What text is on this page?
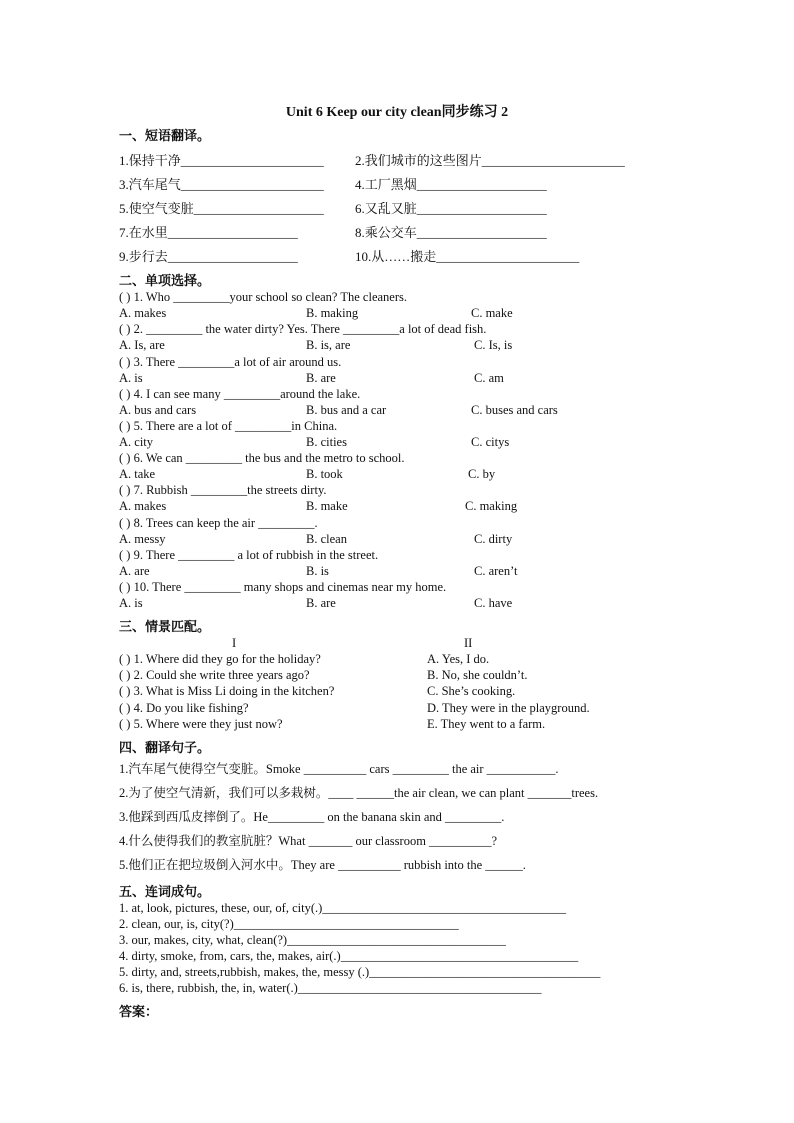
Unit 6 Keep our city clean同步练习 2
一、短语翻译。
1.保持干净______________________ 2.我们城市的这些图片______________________
3.汽车尾气______________________ 4.工厂黑烟____________________
5.使空气变脏____________________ 6.又乱又脏____________________
7.在水里____________________	8.乘公交车____________________
9.步行去____________________	10.从……搬走______________________
二、单项选择。
( ) 1. Who _________your school so clean? The cleaners.
A. makes	B. making	C. make
( ) 2. _________ the water dirty? Yes. There _________a lot of dead fish.
A. Is, are	B. is, are	C. Is, is
( ) 3. There _________a lot of air around us.
A. is	B. are	C. am
( ) 4. I can see many _________around the lake.
A. bus and cars	B. bus and a car	C. buses and cars
( ) 5. There are a lot of _________in China.
A. city	B. cities	C. citys
( ) 6. We can _________ the bus and the metro to school.
A. take	B. took	C. by
( ) 7. Rubbish _________the streets dirty.
A. makes	B. make	C. making
( ) 8. Trees can keep the air _________.
A. messy	B. clean	C. dirty
( ) 9. There _________ a lot of rubbish in the street.
A. are	B. is	C. aren’t
( ) 10. There _________ many shops and cinemas near my home.
A. is	B. are	C. have
三、情景匹配。
I	II
( ) 1. Where did they go for the holiday?	A. Yes, I do.
( ) 2. Could she write three years ago?	B. No, she couldn’t.
( ) 3. What is Miss Li doing in the kitchen?	C. She’s cooking.
( ) 4. Do you like fishing?	D. They were in the playground.
( ) 5. Where were they just now?	E. They went to a farm.
四、翻译句子。
1.汽车尾气使得空气变脏。Smoke __________ cars _________ the air ___________.
2.为了使空气清新，我们可以多栽树。____ ______the air clean, we can plant _______trees.
3.他踩到西瓜皮摔倒了。He_________ on the banana skin and _________.
4.什么使得我们的教室肮脏？What _______ our classroom __________?
5.他们正在把垃圾倒入河水中。They are __________ rubbish into the ______.
五、连词成句。
1. at, look, pictures, these, our, of, city(.)_______________________________________
2. clean, our, is, city(?)____________________________________
3. our, makes, city, what, clean(?)___________________________________
4. dirty, smoke, from, cars, the, makes, air(.)______________________________________
5. dirty, and, streets,rubbish, makes, the, messy (.)_____________________________________
6. is, there, rubbish, the, in, water(.)_______________________________________
答案：
